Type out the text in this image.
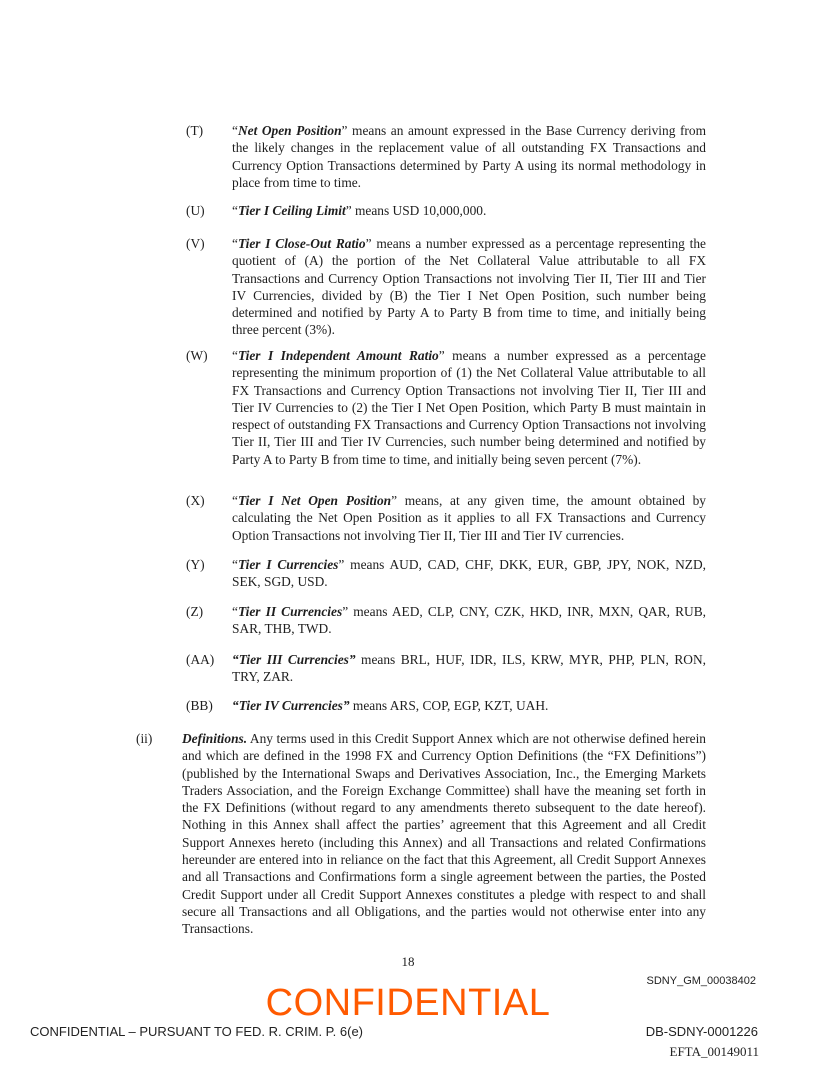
(T) “Net Open Position” means an amount expressed in the Base Currency deriving from the likely changes in the replacement value of all outstanding FX Transactions and Currency Option Transactions determined by Party A using its normal methodology in place from time to time.
(U) “Tier I Ceiling Limit” means USD 10,000,000.
(V) “Tier I Close-Out Ratio” means a number expressed as a percentage representing the quotient of (A) the portion of the Net Collateral Value attributable to all FX Transactions and Currency Option Transactions not involving Tier II, Tier III and Tier IV Currencies, divided by (B) the Tier I Net Open Position, such number being determined and notified by Party A to Party B from time to time, and initially being three percent (3%).
(W) “Tier I Independent Amount Ratio” means a number expressed as a percentage representing the minimum proportion of (1) the Net Collateral Value attributable to all FX Transactions and Currency Option Transactions not involving Tier II, Tier III and Tier IV Currencies to (2) the Tier I Net Open Position, which Party B must maintain in respect of outstanding FX Transactions and Currency Option Transactions not involving Tier II, Tier III and Tier IV Currencies, such number being determined and notified by Party A to Party B from time to time, and initially being seven percent (7%).
(X) “Tier I Net Open Position” means, at any given time, the amount obtained by calculating the Net Open Position as it applies to all FX Transactions and Currency Option Transactions not involving Tier II, Tier III and Tier IV currencies.
(Y) “Tier I Currencies” means AUD, CAD, CHF, DKK, EUR, GBP, JPY, NOK, NZD, SEK, SGD, USD.
(Z) “Tier II Currencies” means AED, CLP, CNY, CZK, HKD, INR, MXN, QAR, RUB, SAR, THB, TWD.
(AA) “Tier III Currencies” means BRL, HUF, IDR, ILS, KRW, MYR, PHP, PLN, RON, TRY, ZAR.
(BB) “Tier IV Currencies” means ARS, COP, EGP, KZT, UAH.
(ii) Definitions. Any terms used in this Credit Support Annex which are not otherwise defined herein and which are defined in the 1998 FX and Currency Option Definitions (the “FX Definitions”) (published by the International Swaps and Derivatives Association, Inc., the Emerging Markets Traders Association, and the Foreign Exchange Committee) shall have the meaning set forth in the FX Definitions (without regard to any amendments thereto subsequent to the date hereof). Nothing in this Annex shall affect the parties’ agreement that this Agreement and all Credit Support Annexes hereto (including this Annex) and all Transactions and related Confirmations hereunder are entered into in reliance on the fact that this Agreement, all Credit Support Annexes and all Transactions and Confirmations form a single agreement between the parties, the Posted Credit Support under all Credit Support Annexes constitutes a pledge with respect to and shall secure all Transactions and all Obligations, and the parties would not otherwise enter into any Transactions.
18
SDNY_GM_00038402
CONFIDENTIAL
CONFIDENTIAL – PURSUANT TO FED. R. CRIM. P. 6(e)	DB-SDNY-0001226
EFTA_00149011
